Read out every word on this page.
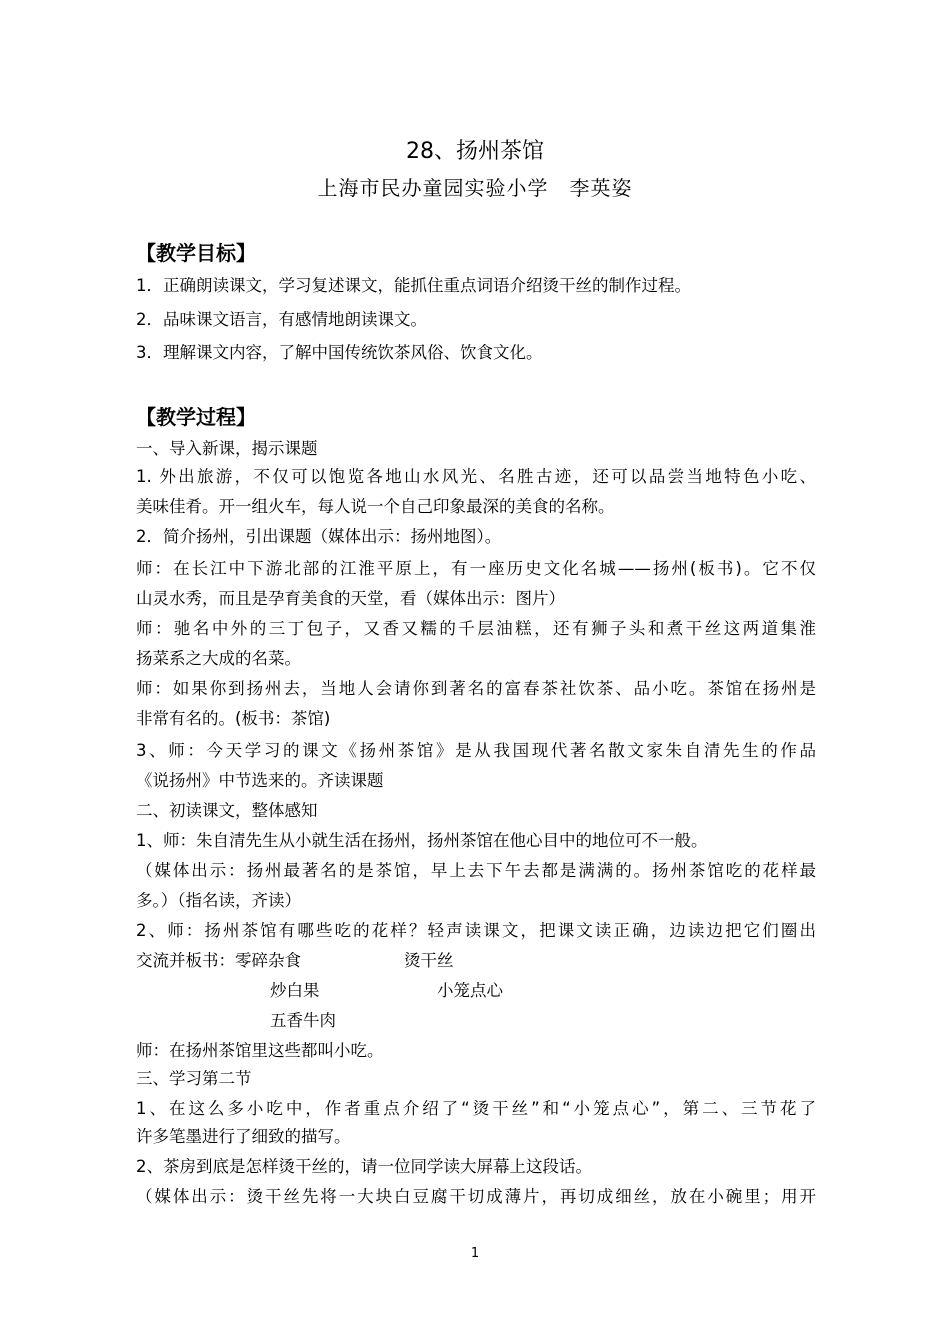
28、扬州茶馆
上海市民办童园实验小学　李英姿
【教学目标】
1．正确朗读课文，学习复述课文，能抓住重点词语介绍烫干丝的制作过程。
2．品味课文语言，有感情地朗读课文。
3．理解课文内容，了解中国传统饮茶风俗、饮食文化。
【教学过程】
一、导入新课，揭示课题
1. 外出旅游，不仅可以饱览各地山水风光、名胜古迹，还可以品尝当地特色小吃、
美味佳肴。开一组火车，每人说一个自己印象最深的美食的名称。
2．简介扬州，引出课题（媒体出示：扬州地图）。
师：在长江中下游北部的江淮平原上，有一座历史文化名城——扬州(板书)。它不仅
山灵水秀，而且是孕育美食的天堂，看（媒体出示：图片）
师：驰名中外的三丁包子，又香又糯的千层油糕，还有狮子头和煮干丝这两道集淮
扬菜系之大成的名菜。
师：如果你到扬州去，当地人会请你到著名的富春茶社饮茶、品小吃。茶馆在扬州是
非常有名的。(板书：茶馆)
3、师：今天学习的课文《扬州茶馆》是从我国现代著名散文家朱自清先生的作品
《说扬州》中节选来的。齐读课题
二、初读课文，整体感知
1、师：朱自清先生从小就生活在扬州，扬州茶馆在他心目中的地位可不一般。
（媒体出示：扬州最著名的是茶馆，早上去下午去都是满满的。扬州茶馆吃的花样最
多。）（指名读，齐读）
2、师：扬州茶馆有哪些吃的花样？轻声读课文，把课文读正确，边读边把它们圈出
交流并板书：零碎杂食	烫干丝
炒白果	小笼点心
五香牛肉
师：在扬州茶馆里这些都叫小吃。
三、学习第二节
1、在这么多小吃中，作者重点介绍了“烫干丝”和“小笼点心”，第二、三节花了
许多笔墨进行了细致的描写。
2、茶房到底是怎样烫干丝的，请一位同学读大屏幕上这段话。
（媒体出示：烫干丝先将一大块白豆腐干切成薄片，再切成细丝，放在小碗里；用开
1
